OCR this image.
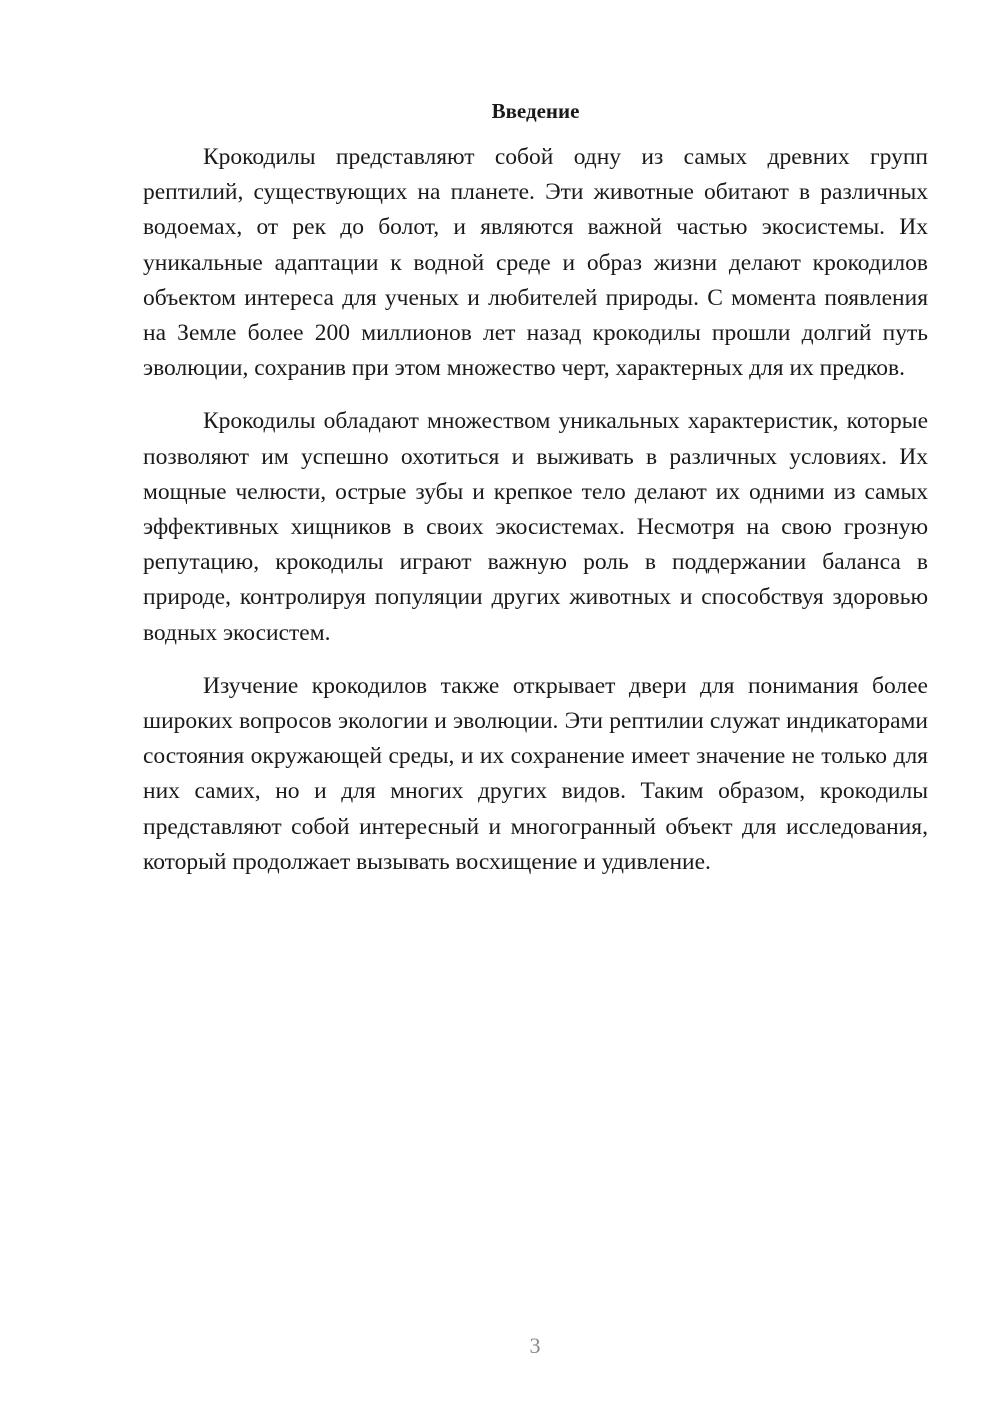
Введение

Крокодилы представляют собой одну из самых древних групп рептилий, существующих на планете. Эти животные обитают в различных водоемах, от рек до болот, и являются важной частью экосистемы. Их уникальные адаптации к водной среде и образ жизни делают крокодилов объектом интереса для ученых и любителей природы. С момента появления на Земле более 200 миллионов лет назад крокодилы прошли долгий путь эволюции, сохранив при этом множество черт, характерных для их предков.

Крокодилы обладают множеством уникальных характеристик, которые позволяют им успешно охотиться и выживать в различных условиях. Их мощные челюсти, острые зубы и крепкое тело делают их одними из самых эффективных хищников в своих экосистемах. Несмотря на свою грозную репутацию, крокодилы играют важную роль в поддержании баланса в природе, контролируя популяции других животных и способствуя здоровью водных экосистем.

Изучение крокодилов также открывает двери для понимания более широких вопросов экологии и эволюции. Эти рептилии служат индикаторами состояния окружающей среды, и их сохранение имеет значение не только для них самих, но и для многих других видов. Таким образом, крокодилы представляют собой интересный и многогранный объект для исследования, который продолжает вызывать восхищение и удивление.

3
